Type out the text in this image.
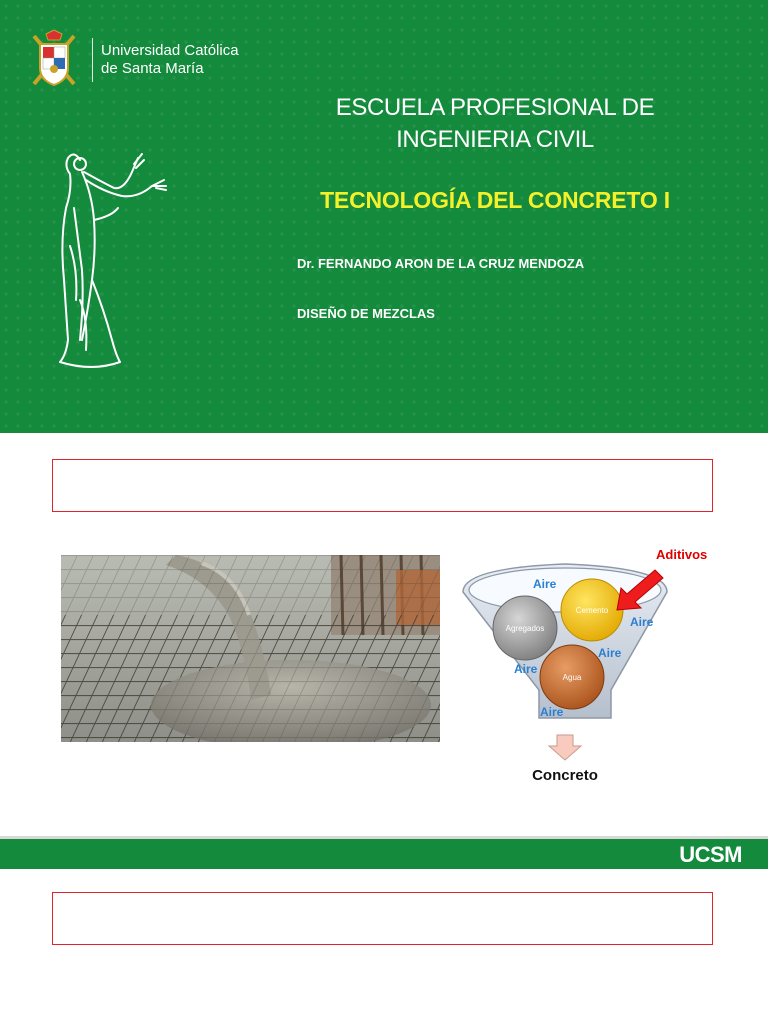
Universidad Católica
de Santa María
ESCUELA PROFESIONAL DE
INGENIERIA CIVIL
TECNOLOGÍA DEL CONCRETO I
Dr. FERNANDO ARON DE LA CRUZ MENDOZA
DISEÑO DE MEZCLAS
Agregados
Cemento
Agua
Aire
Aire
Aire
Aire
Aire
Aditivos
Concreto
UCSM
